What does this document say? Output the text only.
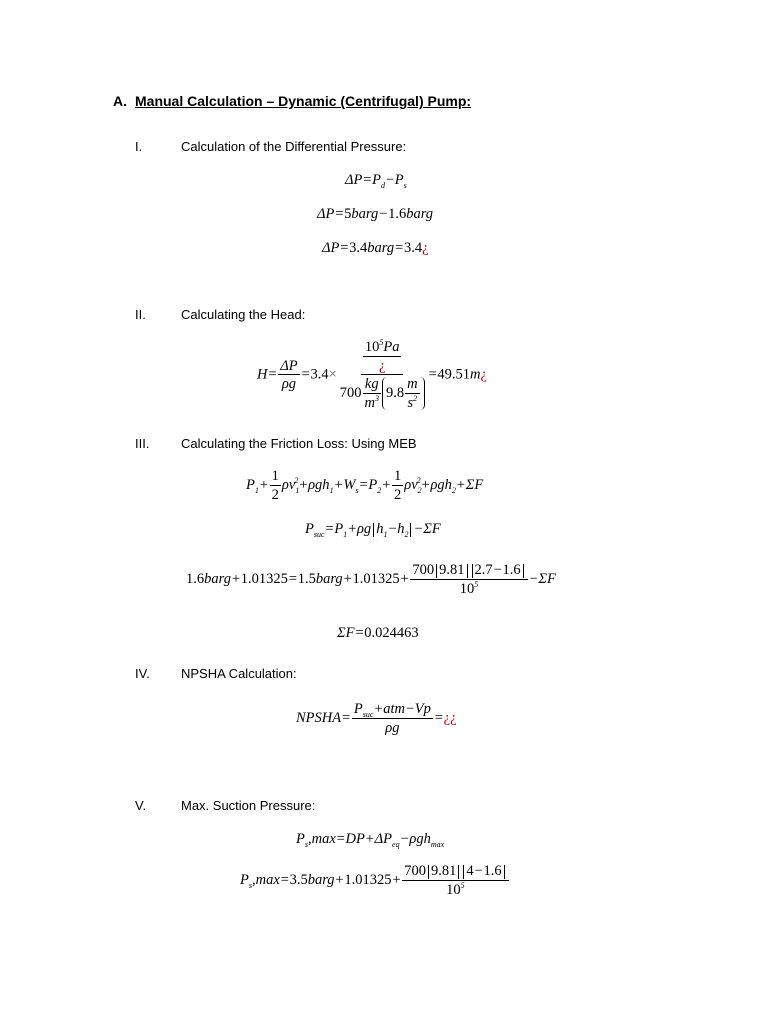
A. Manual Calculation – Dynamic (Centrifugal) Pump:
I.	Calculation of the Differential Pressure:
$\Delta P=P_d-P_s$
ΔP=5barg−1.6barg
ΔP=3.4barg=3.4¿
II.	Calculating the Head:
$H= \frac{\Delta P}{\rho g} =3.4\times \frac{\frac{10^5Pa}{¿}}{700 \frac{kg}{m^3} 9.8 \frac{m}{s^2}}$ =49.51m¿
III. Calculating the Friction Loss: Using MEB
$P_1+ \frac{1}{2} \rho v_1^2+\rho gh_1+W_s=P_2+ \frac{1}{2} \rho v_2^2+\rho gh_2+\Sigma F$
$P_{suc}=P_1+\rho g$ $h_1-h_2 -\Sigma F$
1.6barg+1.01325=1.5barg+1.01325+ $\frac{700 9.81 2.7-1.6}{10^5} -\Sigma F$
ΣF=0.024463
IV. NPSHA Calculation:
NPSHA= $\frac{P_{suc}+atm-Vp}{\rho g}$ =¿¿
V.	Max. Suction Pressure:
$P_s,\max=DP+\Delta P_{eq}-\rho gh_{max}$
$P_s,\max=3.5barg+1.01325+ \frac{700 9.81 4-1.6}{10^5}$
